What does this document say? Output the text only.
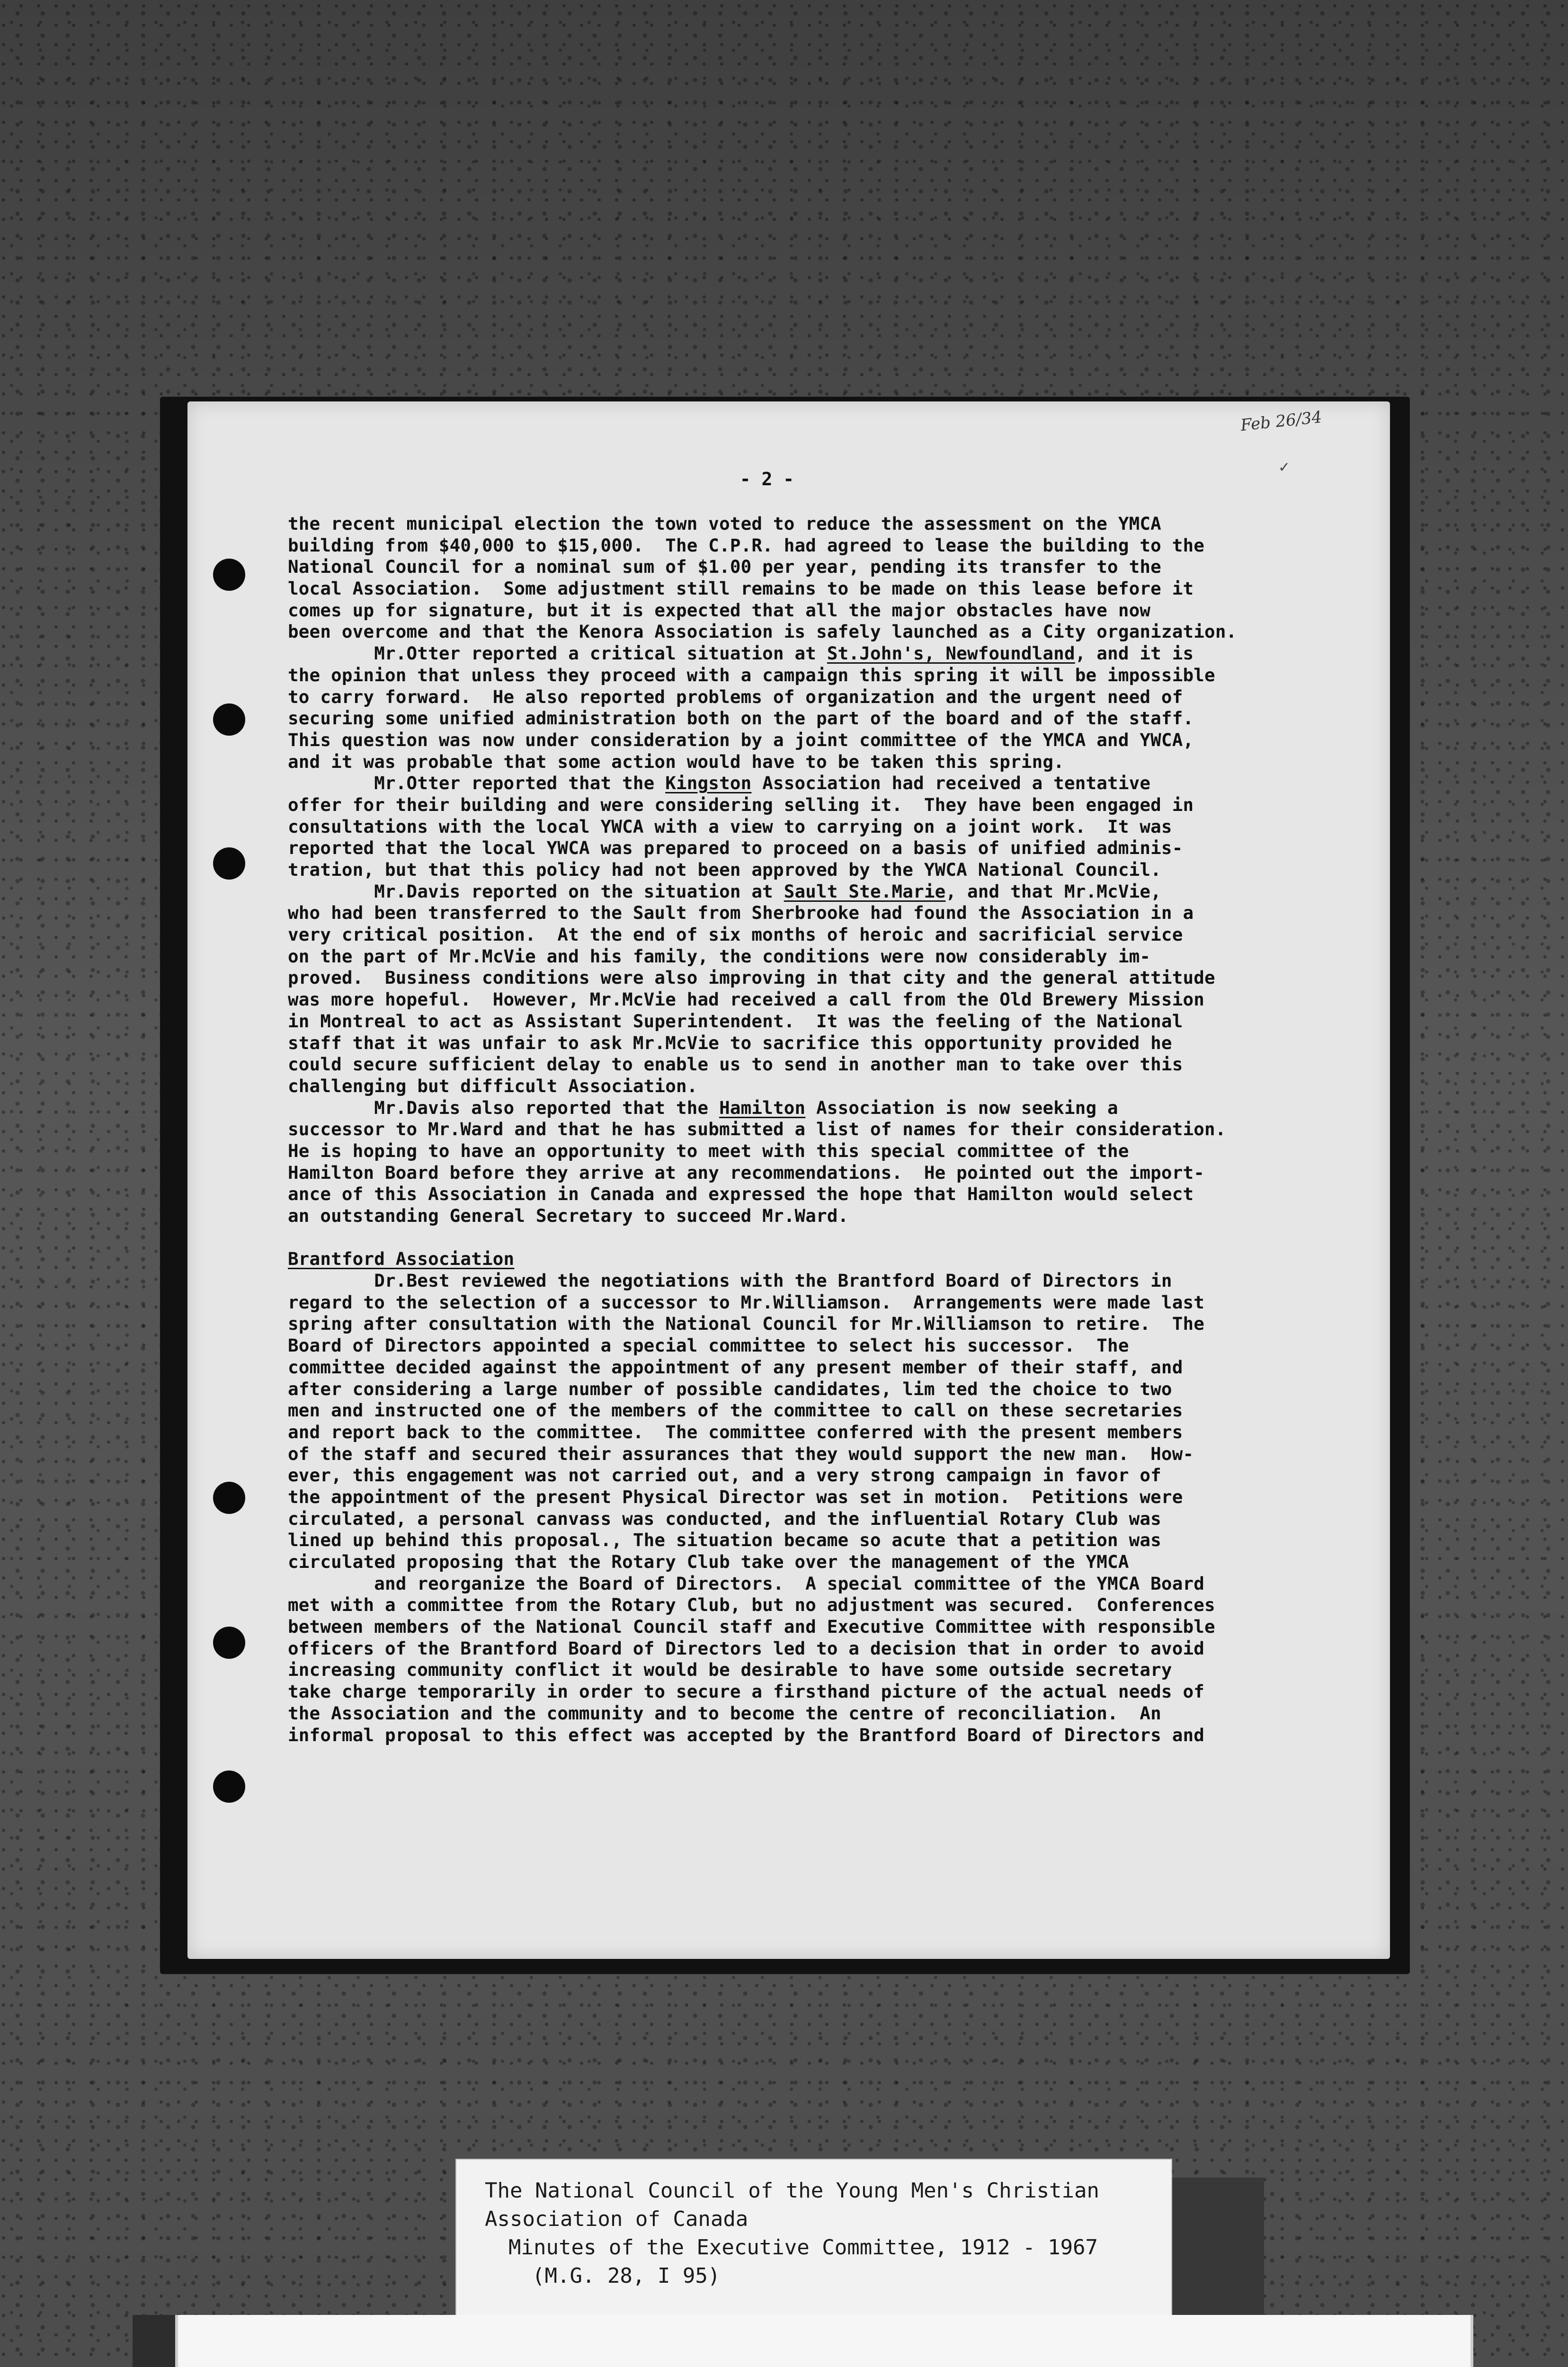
- 2 -
Feb 26/34
✓
the recent municipal election the town voted to reduce the assessment on the YMCA
building from $40,000 to $15,000.  The C.P.R. had agreed to lease the building to the
National Council for a nominal sum of $1.00 per year, pending its transfer to the
local Association.  Some adjustment still remains to be made on this lease before it
comes up for signature, but it is expected that all the major obstacles have now
been overcome and that the Kenora Association is safely launched as a City organization.
Mr.Otter reported a critical situation at St.John's, Newfoundland, and it is
the opinion that unless they proceed with a campaign this spring it will be impossible
to carry forward.  He also reported problems of organization and the urgent need of
securing some unified administration both on the part of the board and of the staff.
This question was now under consideration by a joint committee of the YMCA and YWCA,
and it was probable that some action would have to be taken this spring.
Mr.Otter reported that the Kingston Association had received a tentative
offer for their building and were considering selling it.  They have been engaged in
consultations with the local YWCA with a view to carrying on a joint work.  It was
reported that the local YWCA was prepared to proceed on a basis of unified adminis-
tration, but that this policy had not been approved by the YWCA National Council.
Mr.Davis reported on the situation at Sault Ste.Marie, and that Mr.McVie,
who had been transferred to the Sault from Sherbrooke had found the Association in a
very critical position.  At the end of six months of heroic and sacrificial service
on the part of Mr.McVie and his family, the conditions were now considerably im-
proved.  Business conditions were also improving in that city and the general attitude
was more hopeful.  However, Mr.McVie had received a call from the Old Brewery Mission
in Montreal to act as Assistant Superintendent.  It was the feeling of the National
staff that it was unfair to ask Mr.McVie to sacrifice this opportunity provided he
could secure sufficient delay to enable us to send in another man to take over this
challenging but difficult Association.
Mr.Davis also reported that the Hamilton Association is now seeking a
successor to Mr.Ward and that he has submitted a list of names for their consideration.
He is hoping to have an opportunity to meet with this special committee of the
Hamilton Board before they arrive at any recommendations.  He pointed out the import-
ance of this Association in Canada and expressed the hope that Hamilton would select
an outstanding General Secretary to succeed Mr.Ward.
Brantford Association
Dr.Best reviewed the negotiations with the Brantford Board of Directors in
regard to the selection of a successor to Mr.Williamson.  Arrangements were made last
spring after consultation with the National Council for Mr.Williamson to retire.  The
Board of Directors appointed a special committee to select his successor.  The
committee decided against the appointment of any present member of their staff, and
after considering a large number of possible candidates, lim ted the choice to two
men and instructed one of the members of the committee to call on these secretaries
and report back to the committee.  The committee conferred with the present members
of the staff and secured their assurances that they would support the new man.  How-
ever, this engagement was not carried out, and a very strong campaign in favor of
the appointment of the present Physical Director was set in motion.  Petitions were
circulated, a personal canvass was conducted, and the influential Rotary Club was
lined up behind this proposal., The situation became so acute that a petition was
circulated proposing that the Rotary Club take over the management of the YMCA
and reorganize the Board of Directors.  A special committee of the YMCA Board
met with a committee from the Rotary Club, but no adjustment was secured.  Conferences
between members of the National Council staff and Executive Committee with responsible
officers of the Brantford Board of Directors led to a decision that in order to avoid
increasing community conflict it would be desirable to have some outside secretary
take charge temporarily in order to secure a firsthand picture of the actual needs of
the Association and the community and to become the centre of reconciliation.  An
informal proposal to this effect was accepted by the Brantford Board of Directors and
The National Council of the Young Men's Christian
Association of Canada
Minutes of the Executive Committee, 1912 - 1967
(M.G. 28, I 95)
